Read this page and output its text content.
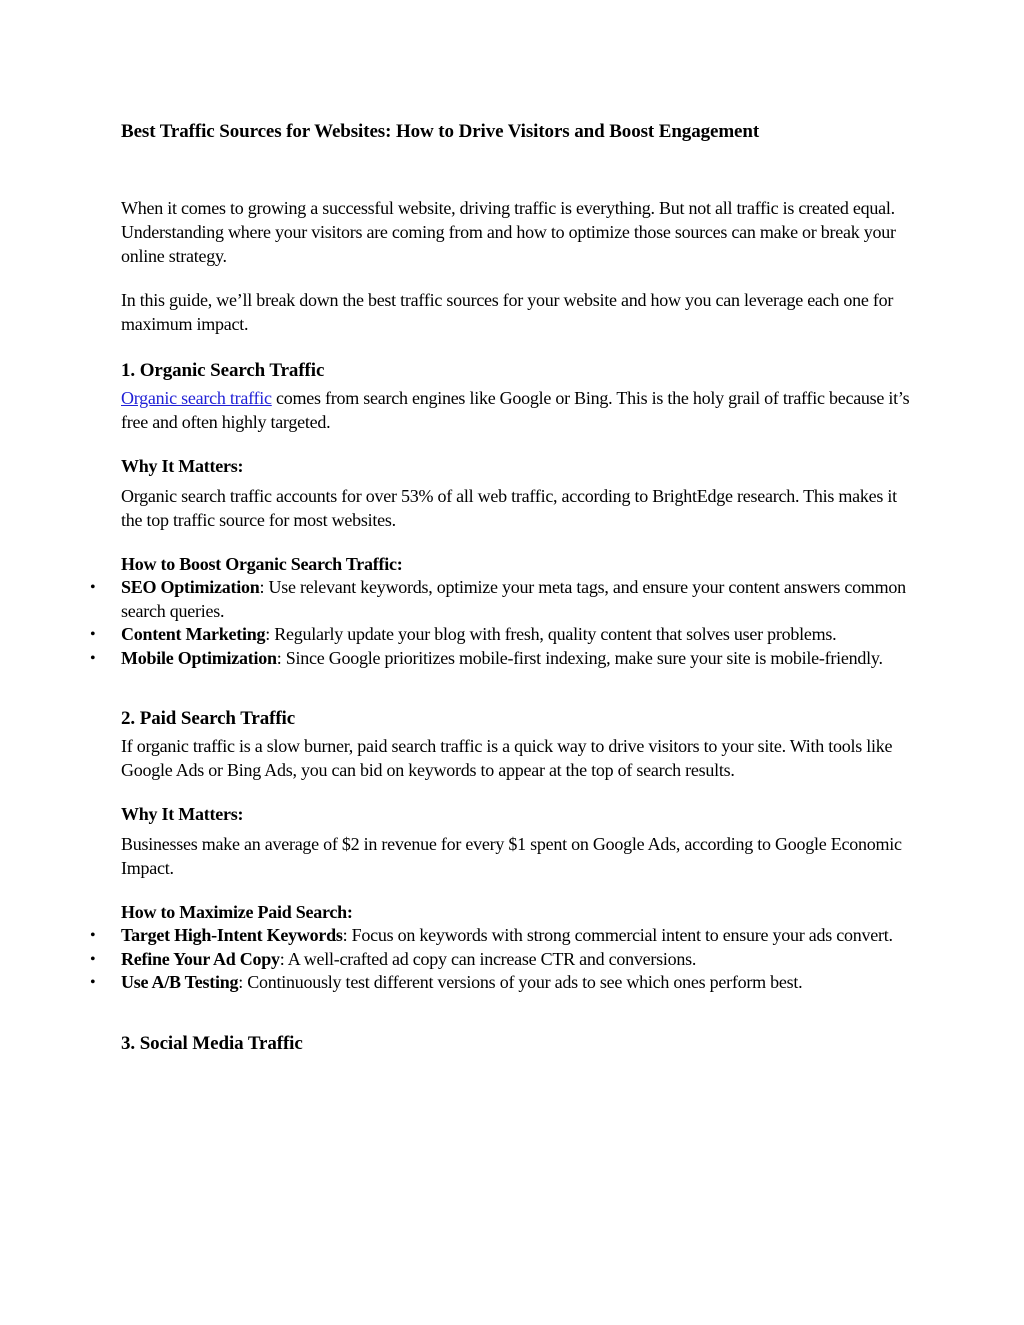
Best Traffic Sources for Websites: How to Drive Visitors and Boost Engagement

When it comes to growing a successful website, driving traffic is everything. But not all traffic is created equal. Understanding where your visitors are coming from and how to optimize those sources can make or break your online strategy.

In this guide, we’ll break down the best traffic sources for your website and how you can leverage each one for maximum impact.

1. Organic Search Traffic

Organic search traffic comes from search engines like Google or Bing. This is the holy grail of traffic because it’s free and often highly targeted.

Why It Matters:

Organic search traffic accounts for over 53% of all web traffic, according to BrightEdge research. This makes it the top traffic source for most websites.

How to Boost Organic Search Traffic:
• SEO Optimization: Use relevant keywords, optimize your meta tags, and ensure your content answers common search queries.
• Content Marketing: Regularly update your blog with fresh, quality content that solves user problems.
• Mobile Optimization: Since Google prioritizes mobile-first indexing, make sure your site is mobile-friendly.
2. Paid Search Traffic

If organic traffic is a slow burner, paid search traffic is a quick way to drive visitors to your site. With tools like Google Ads or Bing Ads, you can bid on keywords to appear at the top of search results.

Why It Matters:

Businesses make an average of $2 in revenue for every $1 spent on Google Ads, according to Google Economic Impact.

How to Maximize Paid Search:
• Target High-Intent Keywords: Focus on keywords with strong commercial intent to ensure your ads convert.
• Refine Your Ad Copy: A well-crafted ad copy can increase CTR and conversions.
• Use A/B Testing: Continuously test different versions of your ads to see which ones perform best.
3. Social Media Traffic
